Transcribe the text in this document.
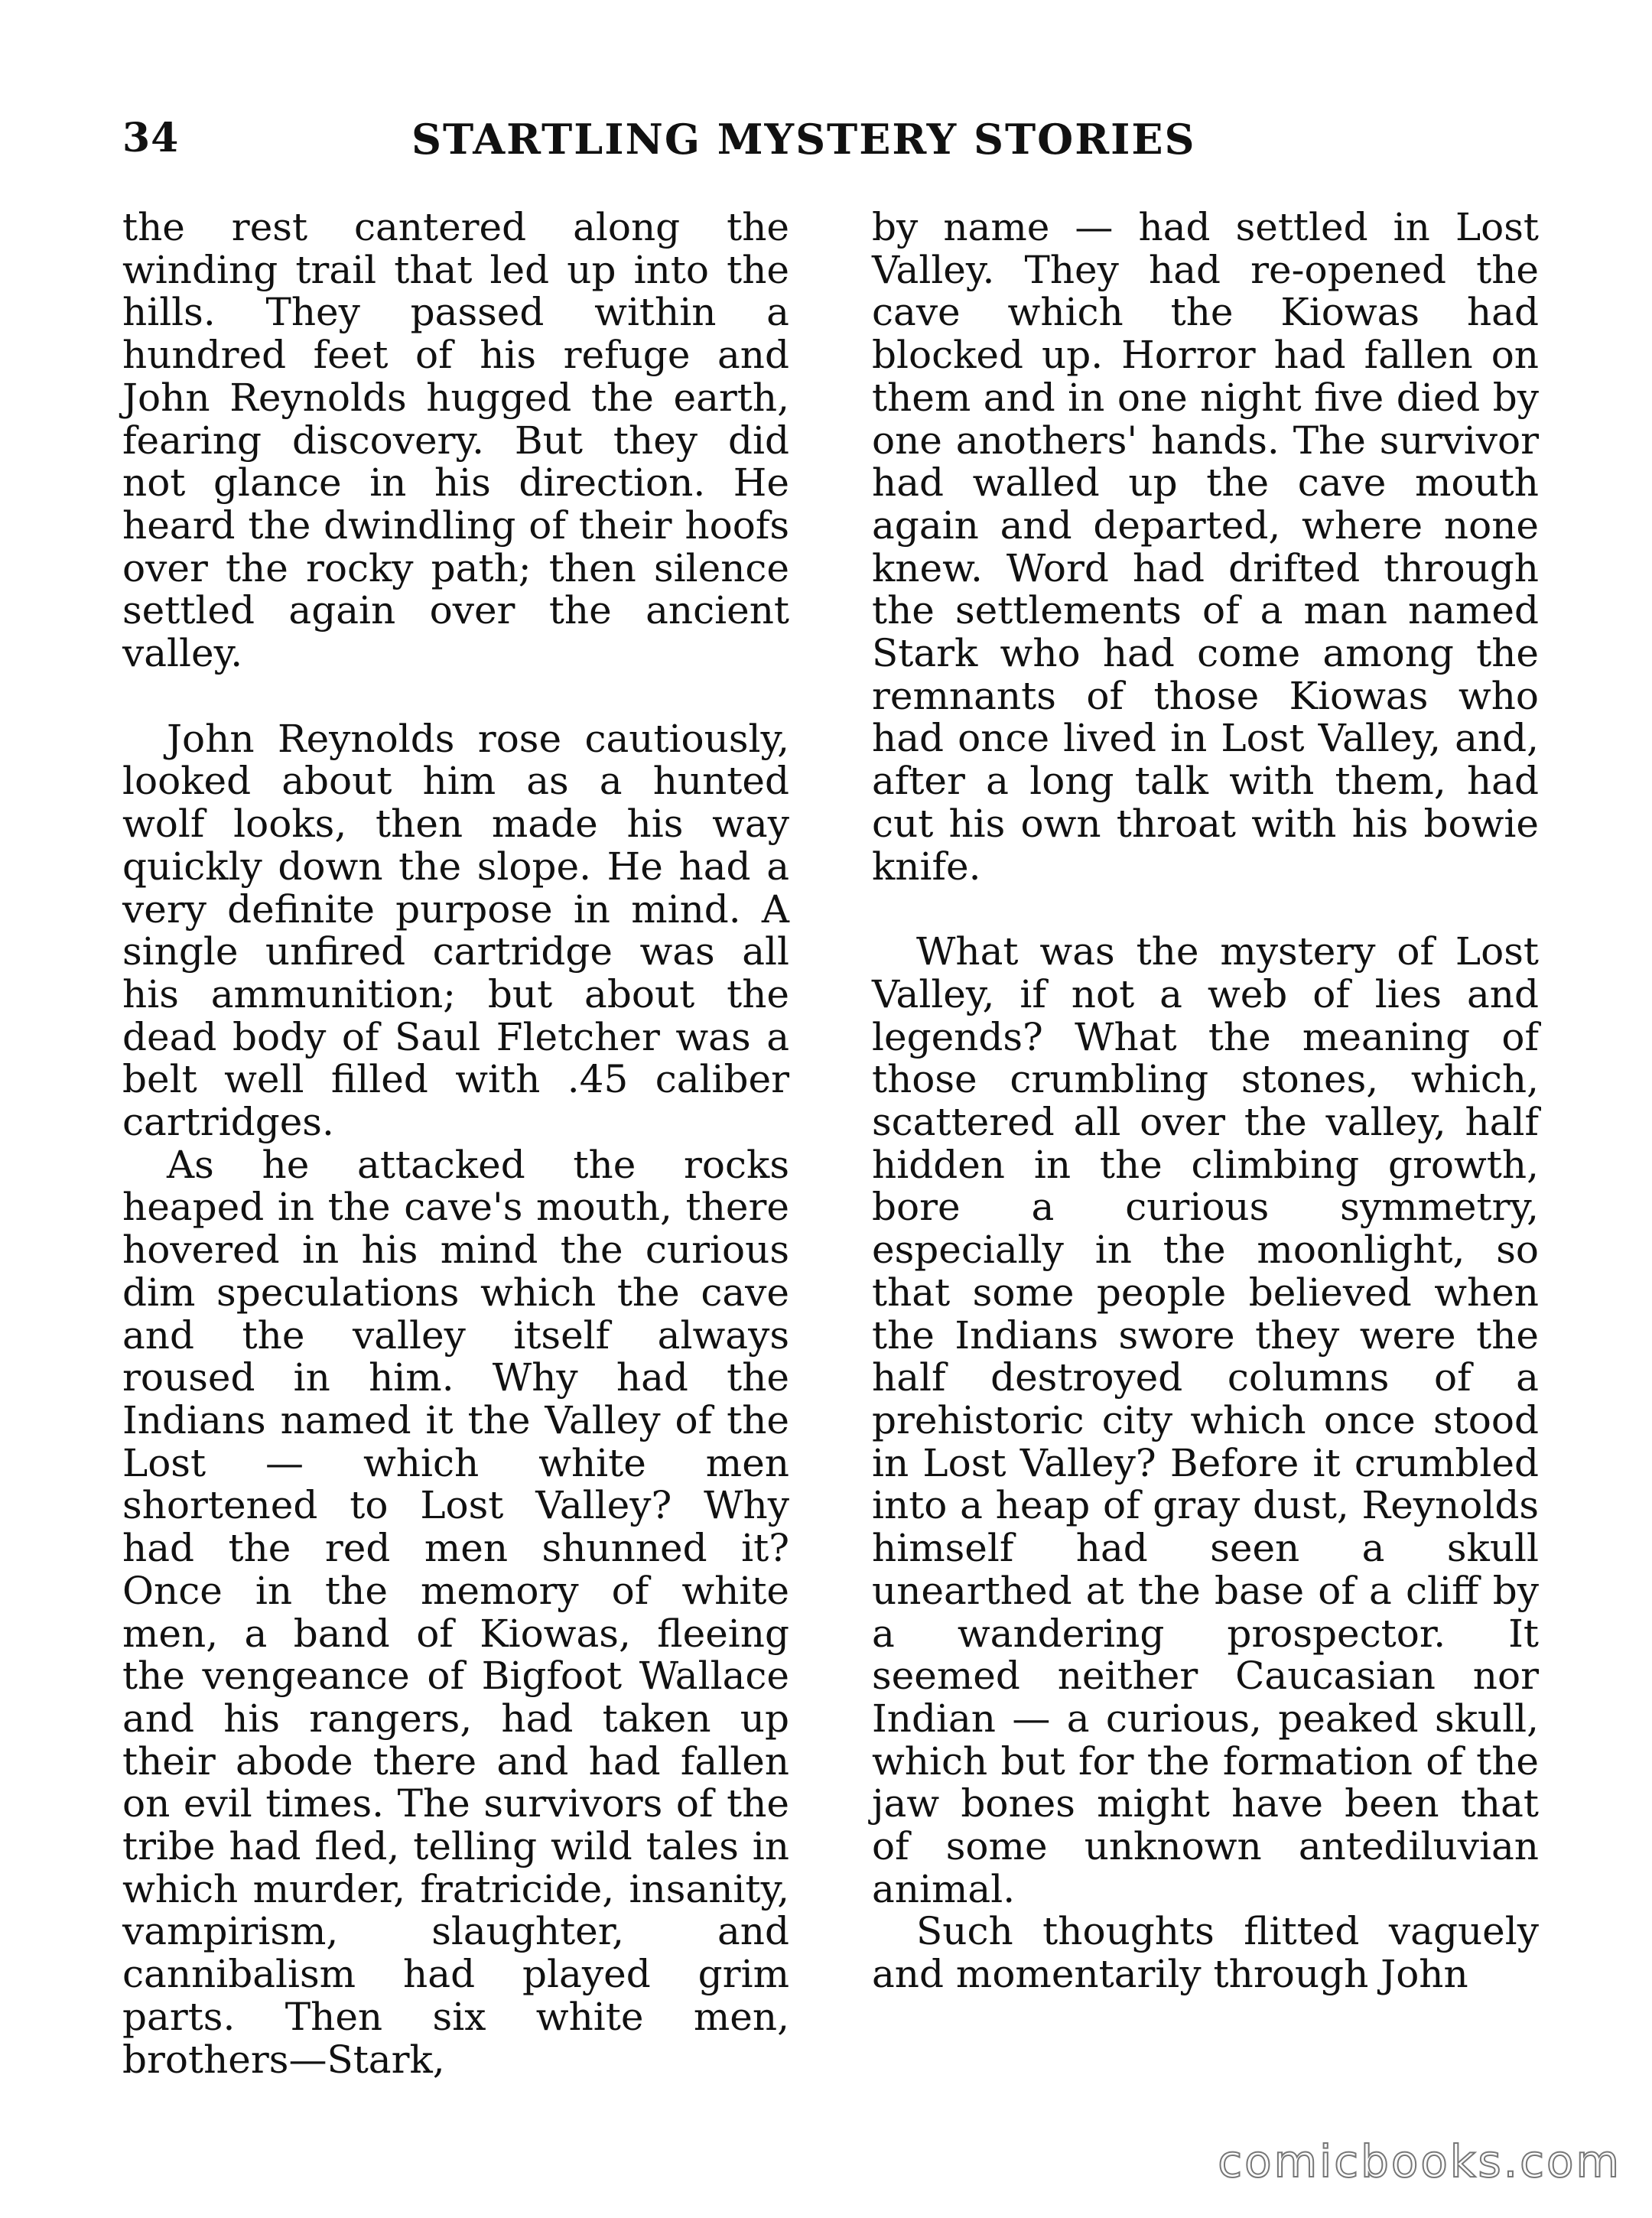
34	STARTLING MYSTERY STORIES

the rest cantered along the winding trail that led up into the hills. They passed within a hundred feet of his refuge and John Reynolds hugged the earth, fearing discovery. But they did not glance in his direction. He heard the dwindling of their hoofs over the rocky path; then silence settled again over the ancient valley.

John Reynolds rose cautiously, looked about him as a hunted wolf looks, then made his way quickly down the slope. He had a very definite purpose in mind. A single unfired cartridge was all his ammunition; but about the dead body of Saul Fletcher was a belt well filled with .45 caliber cartridges.

As he attacked the rocks heaped in the cave's mouth, there hovered in his mind the curious dim speculations which the cave and the valley itself always roused in him. Why had the Indians named it the Valley of the Lost — which white men shortened to Lost Valley? Why had the red men shunned it? Once in the memory of white men, a band of Kiowas, fleeing the vengeance of Bigfoot Wallace and his rangers, had taken up their abode there and had fallen on evil times. The survivors of the tribe had fled, telling wild tales in which murder, fratricide, insanity, vampirism, slaughter, and cannibalism had played grim parts. Then six white men, brothers—Stark,

by name — had settled in Lost Valley. They had re-opened the cave which the Kiowas had blocked up. Horror had fallen on them and in one night five died by one anothers' hands. The survivor had walled up the cave mouth again and departed, where none knew. Word had drifted through the settlements of a man named Stark who had come among the remnants of those Kiowas who had once lived in Lost Valley, and, after a long talk with them, had cut his own throat with his bowie knife.

What was the mystery of Lost Valley, if not a web of lies and legends? What the meaning of those crumbling stones, which, scattered all over the valley, half hidden in the climbing growth, bore a curious symmetry, especially in the moonlight, so that some people believed when the Indians swore they were the half destroyed columns of a prehistoric city which once stood in Lost Valley? Before it crumbled into a heap of gray dust, Reynolds himself had seen a skull unearthed at the base of a cliff by a wandering prospector. It seemed neither Caucasian nor Indian — a curious, peaked skull, which but for the formation of the jaw bones might have been that of some unknown antediluvian animal.

Such thoughts flitted vaguely and momentarily through John

comicbooks.com
